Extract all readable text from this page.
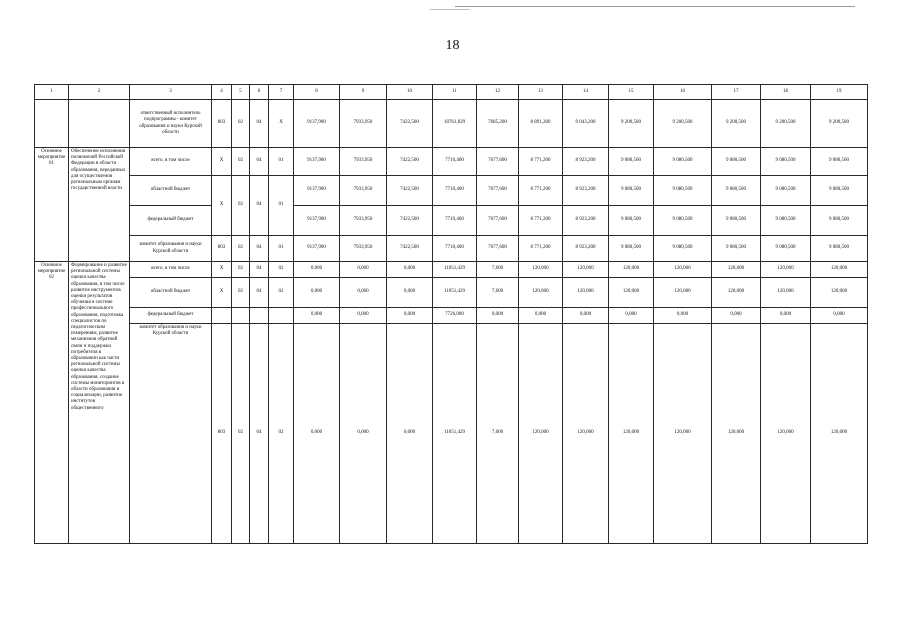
18
1	2	3	4	5	6	7	8	9	10	11	12	13	14	15	16	17	18	19
		ответственный исполнитель подпрограммы - комитет образования и науки Курской области	803	02	04	Х	9137,900	7933,950	7422,500	18761,829	7685,200	8 891,200	9 043,200	9 200,500	9 200,500	9 200,500	9 200,500	9 200,500
Основное мероприятие 01	Обеспечение исполнения полномочий Российской Федерации в области образования, переданных для осуществления региональным органам государственной власти	всего, в том числе	Х	02	04	01	9137,900	7933,950	7422,500	7710,400	7677,600	8 771,200	8 923,200	9 080,500	9 080,500	9 080,500	9 080,500	9 080,500
		областной бюджет	Х	02	04	01	9137,900	7933,950	7422,500	7710,400	7677,600	8 771,200	8 923,200	9 080,500	9 080,500	9 080,500	9 080,500	9 080,500
		федеральный бюджет					9137,900	7933,950	7422,500	7710,400	7677,600	8 771,200	8 923,200	9 080,500	9 080,500	9 080,500	9 080,500	9 080,500
		комитет образования и науки Курской области	803	02	04	01	9137,900	7933,950	7422,500	7710,400	7677,600	8 771,200	8 923,200	9 080,500	9 080,500	9 080,500	9 080,500	9 080,500
Основное мероприятие 02	Формирование и развитие региональной системы оценки качества образования, в том числе развитие инструментов оценки результатов обучения в системе профессионального образования, подготовка специалистов по педагогическим измерениям, развитие механизмов обратной связи и поддержки потребителя в образовании как части региональной системы оценки качества образования, создание системы мониторингов в области образования и социализации, развитие институтов общественного	всего, в том числе	Х	02	04	02	0,000	0,000	0,000	11051,429	7,600	120,000	120,000	120,000	120,000	120,000	120,000	120,000
		областной бюджет	Х	02	04	02	0,000	0,000	0,000	11051,429	7,600	120,000	120,000	120,000	120,000	120,000	120,000	120,000
		федеральный бюджет					0,000	0,000	0,000	7726,000	0,000	0,000	0,000	0,000	0,000	0,000	0,000	0,000
		комитет образования и науки Курской области	803	02	04	02	0,000	0,000	0,000	11051,429	7,600	120,000	120,000	120,000	120,000	120,000	120,000	120,000
